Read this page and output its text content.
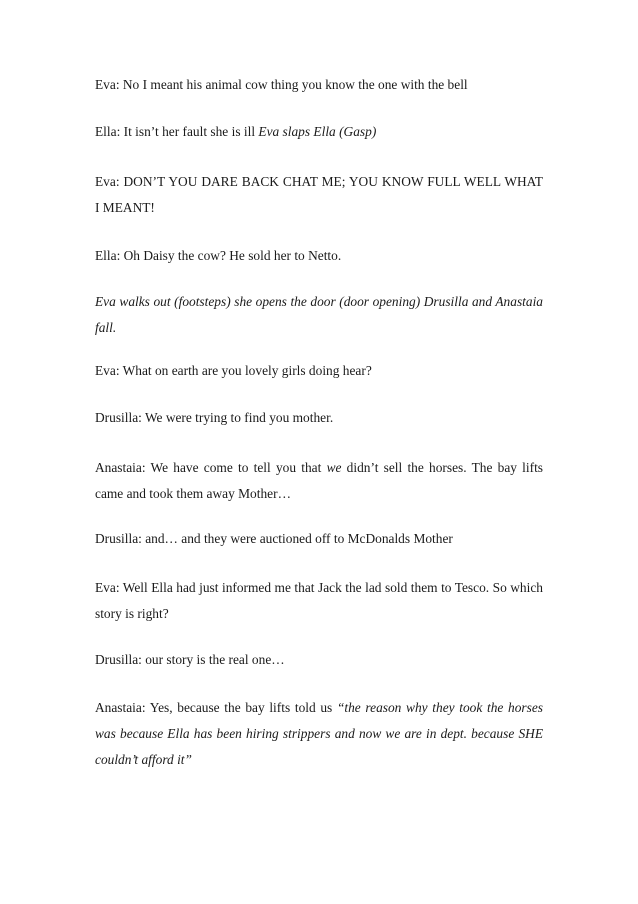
Eva: No I meant his animal cow thing you know the one with the bell

Ella: It isn’t her fault she is ill Eva slaps Ella (Gasp)

Eva: DON’T YOU DARE BACK CHAT ME; YOU KNOW FULL WELL WHAT I MEANT!

Ella: Oh Daisy the cow? He sold her to Netto.

Eva walks out (footsteps) she opens the door (door opening) Drusilla and Anastaia fall.

Eva: What on earth are you lovely girls doing hear?

Drusilla: We were trying to find you mother.

Anastaia: We have come to tell you that we didn’t sell the horses. The bay lifts came and took them away Mother…

Drusilla: and… and they were auctioned off to McDonalds Mother

Eva: Well Ella had just informed me that Jack the lad sold them to Tesco. So which story is right?

Drusilla: our story is the real one…

Anastaia: Yes, because the bay lifts told us “the reason why they took the horses was because Ella has been hiring strippers and now we are in dept. because SHE couldn’t afford it”
